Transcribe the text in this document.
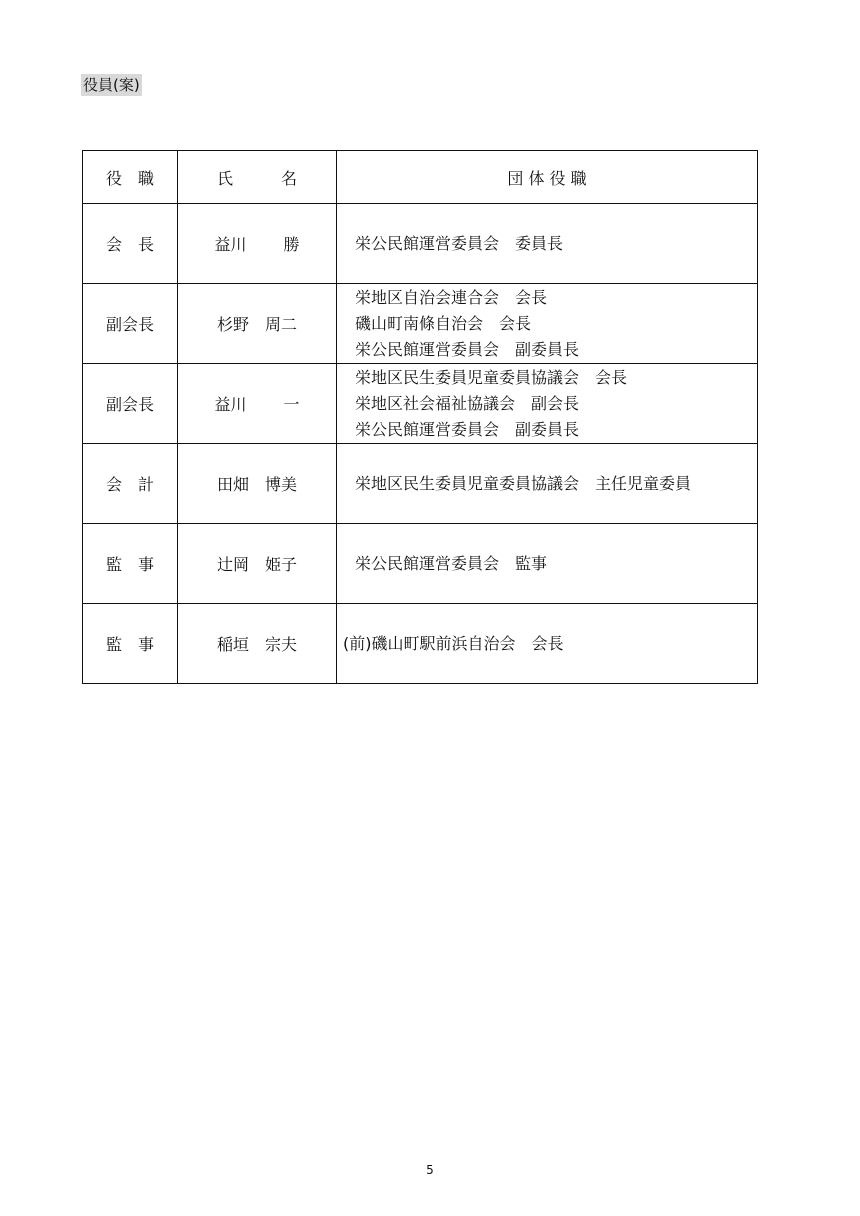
役員(案)
役　職	氏　　　名	団 体 役 職
会　長	益川　　 勝	栄公民館運営委員会　委員長

副会長	杉野　周二	栄地区自治会連合会　会長
磯山町南條自治会　会長
栄公民館運営委員会　副委員長

副会長	益川　　 一	栄地区民生委員児童委員協議会　会長
栄地区社会福祉協議会　副会長
栄公民館運営委員会　副委員長

会　計	田畑　博美	栄地区民生委員児童委員協議会　主任児童委員

監　事	辻岡　姫子	栄公民館運営委員会　監事

監　事	稲垣　宗夫	(前)磯山町駅前浜自治会　会長
5
